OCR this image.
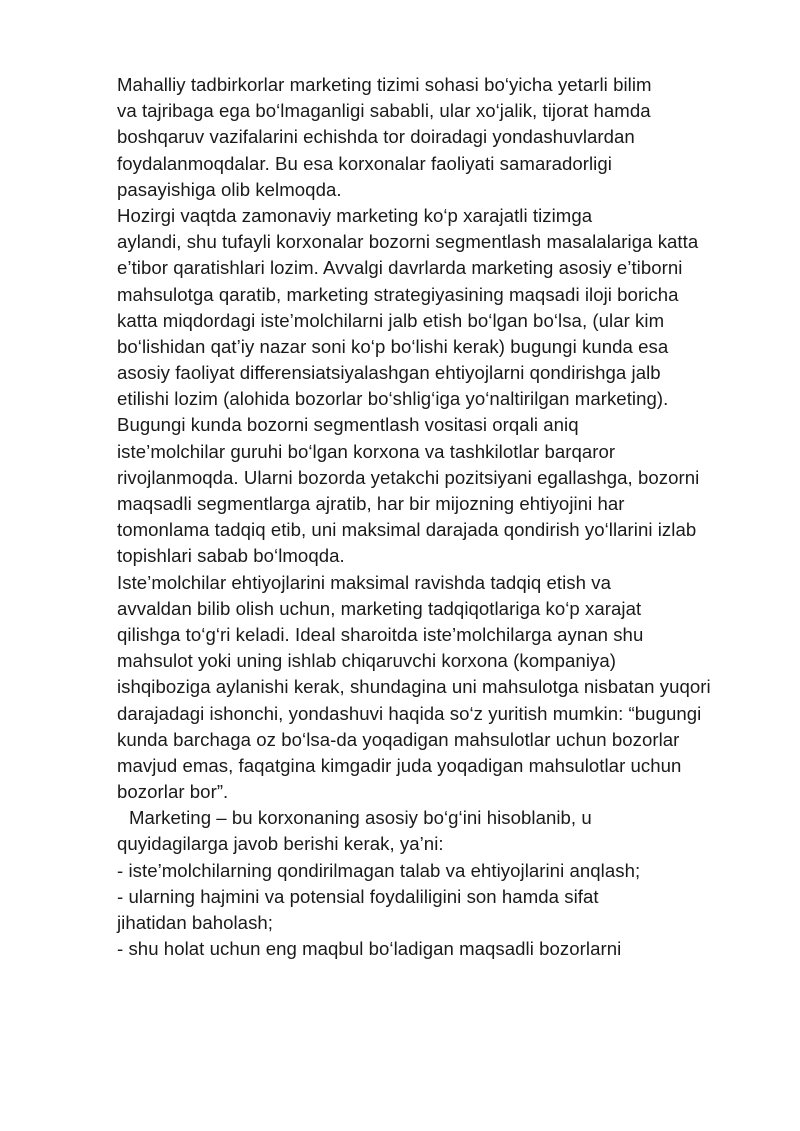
Mahalliy tadbirkorlar marketing tizimi sohasi bo‘yicha yetarli bilim
va tajribaga ega bo‘lmaganligi sababli, ular xo‘jalik, tijorat hamda
boshqaruv vazifalarini echishda tor doiradagi yondashuvlardan
foydalanmoqdalar. Bu esa korxonalar faoliyati samaradorligi
pasayishiga olib kelmoqda.
Hozirgi vaqtda zamonaviy marketing ko‘p xarajatli tizimga
aylandi, shu tufayli korxonalar bozorni segmentlash masalalariga katta
e’tibor qaratishlari lozim. Avvalgi davrlarda marketing asosiy e’tiborni
mahsulotga qaratib, marketing strategiyasining maqsadi iloji boricha
katta miqdordagi iste’molchilarni jalb etish bo‘lgan bo‘lsa, (ular kim
bo‘lishidan qat’iy nazar soni ko‘p bo‘lishi kerak) bugungi kunda esa
asosiy faoliyat differensiatsiyalashgan ehtiyojlarni qondirishga jalb
etilishi lozim (alohida bozorlar bo‘shlig‘iga yo‘naltirilgan marketing).
Bugungi kunda bozorni segmentlash vositasi orqali aniq
iste’molchilar guruhi bo‘lgan korxona va tashkilotlar barqaror
rivojlanmoqda. Ularni bozorda yetakchi pozitsiyani egallashga, bozorni
maqsadli segmentlarga ajratib, har bir mijozning ehtiyojini har
tomonlama tadqiq etib, uni maksimal darajada qondirish yo‘llarini izlab
topishlari sabab bo‘lmoqda.
Iste’molchilar ehtiyojlarini maksimal ravishda tadqiq etish va
avvaldan bilib olish uchun, marketing tadqiqotlariga ko‘p xarajat
qilishga to‘g‘ri keladi. Ideal sharoitda iste’molchilarga aynan shu
mahsulot yoki uning ishlab chiqaruvchi korxona (kompaniya)
ishqiboziga aylanishi kerak, shundagina uni mahsulotga nisbatan yuqori
darajadagi ishonchi, yondashuvi haqida so‘z yuritish mumkin: “bugungi
kunda barchaga oz bo‘lsa-da yoqadigan mahsulotlar uchun bozorlar
mavjud emas, faqatgina kimgadir juda yoqadigan mahsulotlar uchun
bozorlar bor”.
Marketing – bu korxonaning asosiy bo‘g‘ini hisoblanib, u
quyidagilarga javob berishi kerak, ya’ni:
- iste’molchilarning qondirilmagan talab va ehtiyojlarini anqlash;
- ularning hajmini va potensial foydaliligini son hamda sifat
jihatidan baholash;
- shu holat uchun eng maqbul bo‘ladigan maqsadli bozorlarni
